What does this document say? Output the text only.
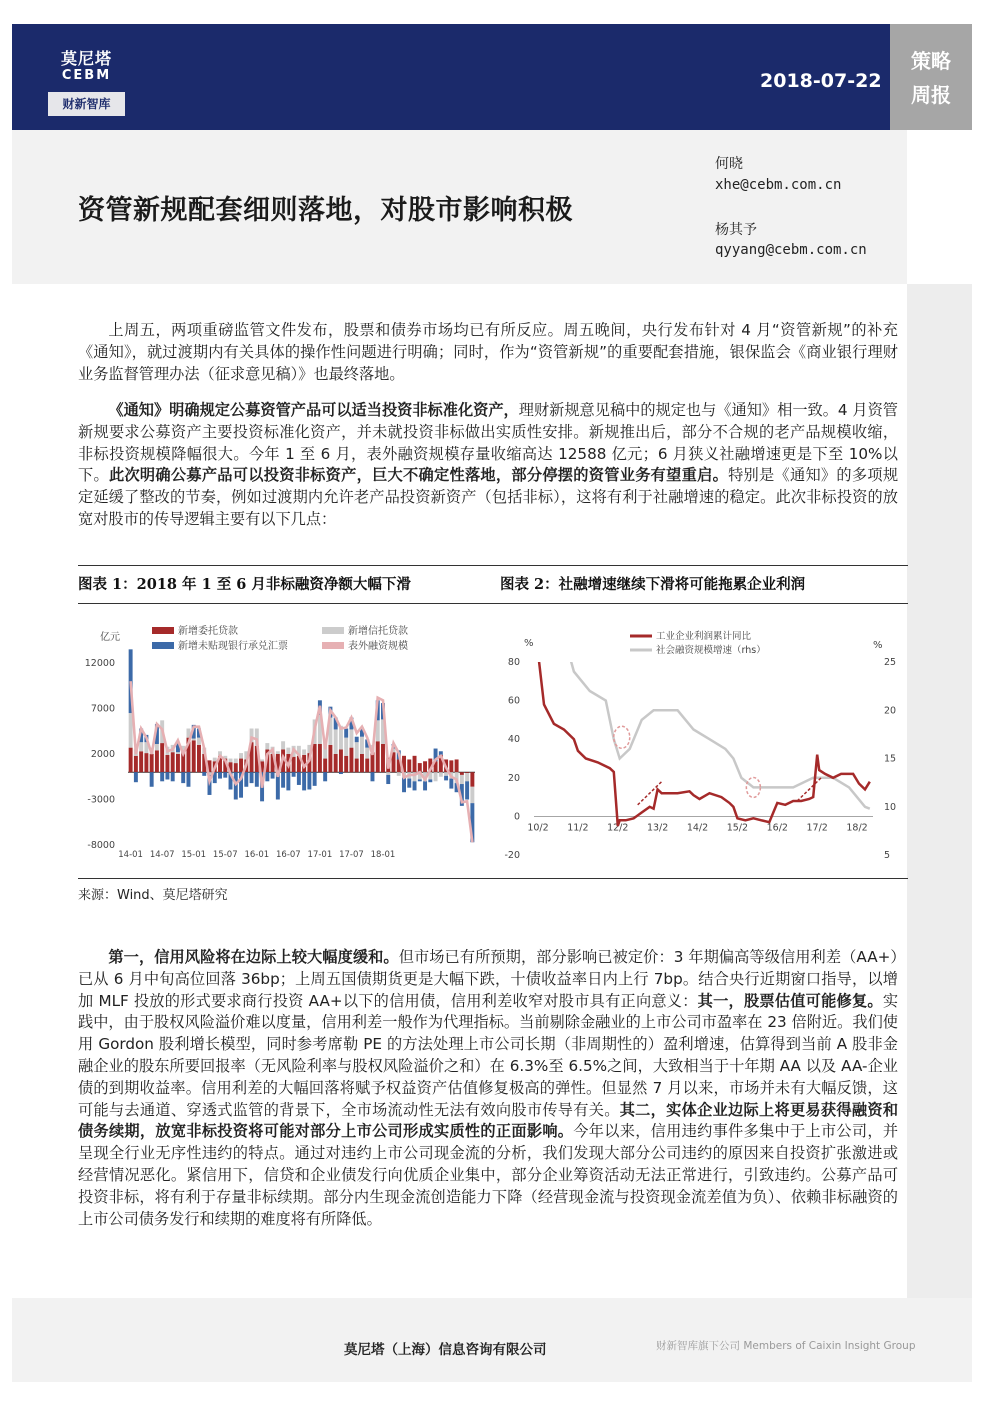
莫尼塔
CEBM
财新智库
2018-07-22
策略
周报
资管新规配套细则落地，对股市影响积极
何晓
xhe@cebm.com.cn
杨其予
qyyang@cebm.com.cn

上周五，两项重磅监管文件发布，股票和债券市场均已有所反应。周五晚间，央行发布针对 4 月“资管新规”的补充《通知》，就过渡期内有关具体的操作性问题进行明确；同时，作为“资管新规”的重要配套措施，银保监会《商业银行理财业务监督管理办法（征求意见稿）》也最终落地。

《通知》明确规定公募资管产品可以适当投资非标准化资产，理财新规意见稿中的规定也与《通知》相一致。4 月资管新规要求公募资产主要投资标准化资产，并未就投资非标做出实质性安排。新规推出后，部分不合规的老产品规模收缩，非标投资规模降幅很大。今年 1 至 6 月，表外融资规模存量收缩高达 12588 亿元；6 月狭义社融增速更是下至 10%以下。此次明确公募产品可以投资非标资产，巨大不确定性落地，部分停摆的资管业务有望重启。特别是《通知》的多项规定延缓了整改的节奏，例如过渡期内允许老产品投资新资产（包括非标），这将有利于社融增速的稳定。此次非标投资的放宽对股市的传导逻辑主要有以下几点：

图表 1：2018 年 1 至 6 月非标融资净额大幅下滑	图表 2：社融增速继续下滑将可能拖累企业利润
新增委托贷款	新增信托贷款
新增未贴现银行承兑汇票	表外融资规模
亿元
12000
7000
2000
-3000
-8000
14-01 14-07 15-01 15-07 16-01 16-07 17-01 17-07 18-01
工业企业利润累计同比
社会融资规模增速（rhs）
%	%
80
60
40
20
0
-20
25
20
15
10
5
10/2 11/2 12/2 13/2 14/2 15/2 16/2 17/2 18/2
来源：Wind、莫尼塔研究

第一，信用风险将在边际上较大幅度缓和。但市场已有所预期，部分影响已被定价：3 年期偏高等级信用利差（AA+）已从 6 月中旬高位回落 36bp；上周五国债期货更是大幅下跌，十债收益率日内上行 7bp。结合央行近期窗口指导，以增加 MLF 投放的形式要求商行投资 AA+以下的信用债，信用利差收窄对股市具有正向意义：其一，股票估值可能修复。实践中，由于股权风险溢价难以度量，信用利差一般作为代理指标。当前剔除金融业的上市公司市盈率在 23 倍附近。我们使用 Gordon 股利增长模型，同时参考席勒 PE 的方法处理上市公司长期（非周期性的）盈利增速，估算得到当前 A 股非金融企业的股东所要回报率（无风险利率与股权风险溢价之和）在 6.3%至 6.5%之间，大致相当于十年期 AA 以及 AA-企业债的到期收益率。信用利差的大幅回落将赋予权益资产估值修复极高的弹性。但显然 7 月以来，市场并未有大幅反馈，这可能与去通道、穿透式监管的背景下，全市场流动性无法有效向股市传导有关。其二，实体企业边际上将更易获得融资和债务续期，放宽非标投资将可能对部分上市公司形成实质性的正面影响。今年以来，信用违约事件多集中于上市公司，并呈现全行业无序性违约的特点。通过对违约上市公司现金流的分析，我们发现大部分公司违约的原因来自投资扩张激进或经营情况恶化。紧信用下，信贷和企业债发行向优质企业集中，部分企业筹资活动无法正常进行，引致违约。公募产品可投资非标，将有利于存量非标续期。部分内生现金流创造能力下降（经营现金流与投资现金流差值为负）、依赖非标融资的上市公司债务发行和续期的难度将有所降低。

莫尼塔（上海）信息咨询有限公司	财新智库旗下公司 Members of Caixin Insight Group
